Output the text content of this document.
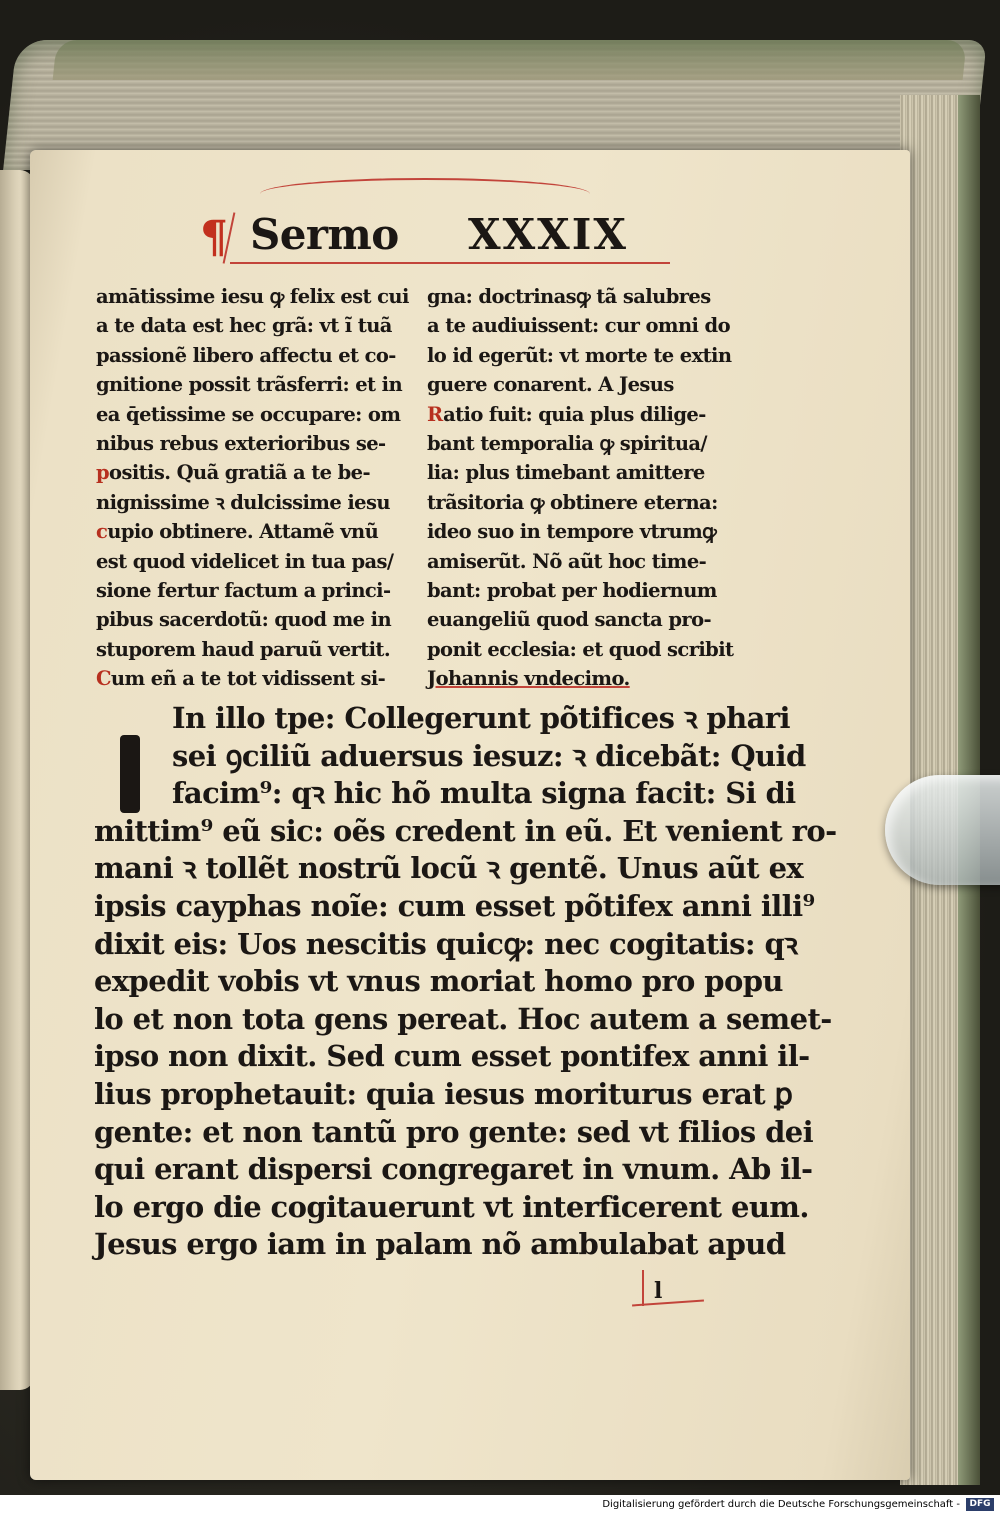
¶ Sermo XXXIX
amātissime iesu ꝙ felix est cui
a te data est hec grã: vt ĩ tuã
passionẽ libero affectu et co-
gnitione possit trãsferri: et in
ea q̄etissime se occupare: om
nibus rebus exterioribus se-
positis. Quã gratiã a te be-
nignissime ꝛ dulcissime iesu
cupio obtinere. Attamẽ vnũ
est quod videlicet in tua pas/
sione fertur factum a princi-
pibus sacerdotũ: quod me in
stuporem haud paruũ vertit.
Cum eñ a te tot vidissent si-
gna: doctrinasꝙ tã salubres
a te audiuissent: cur omni do
lo id egerũt: vt morte te extin
guere conarent. A Jesus
Ratio fuit: quia plus dilige-
bant temporalia ꝙ spiritua/
lia: plus timebant amittere
trãsitoria ꝙ obtinere eterna:
ideo suo in tempore vtrumꝙ
amiserũt. Nõ aũt hoc time-
bant: probat per hodiernum
euangeliũ quod sancta pro-
ponit ecclesia: et quod scribit
Johannis vndecimo.
In illo tpe: Collegerunt põtifices ꝛ phari
sei ꝯciliũ aduersus iesuz: ꝛ dicebãt: Quid
facim⁹: qꝛ hic hõ multa signa facit: Si di
mittim⁹ eũ sic: oẽs credent in eũ. Et venient ro-
mani ꝛ tollẽt nostrũ locũ ꝛ gentẽ. Unus aũt ex
ipsis cayphas noĩe: cum esset põtifex anni illi⁹
dixit eis: Uos nescitis quicꝙ: nec cogitatis: qꝛ
expedit vobis vt vnus moriat homo pro popu
lo et non tota gens pereat. Hoc autem a semet-
ipso non dixit. Sed cum esset pontifex anni il-
lius prophetauit: quia iesus moriturus erat ꝑ
gente: et non tantũ pro gente: sed vt filios dei
qui erant dispersi congregaret in vnum. Ab il-
lo ergo die cogitauerunt vt interficerent eum.
Jesus ergo iam in palam nõ ambulabat apud
l
Digitalisierung gefördert durch die Deutsche Forschungsgemeinschaft -	DFG
